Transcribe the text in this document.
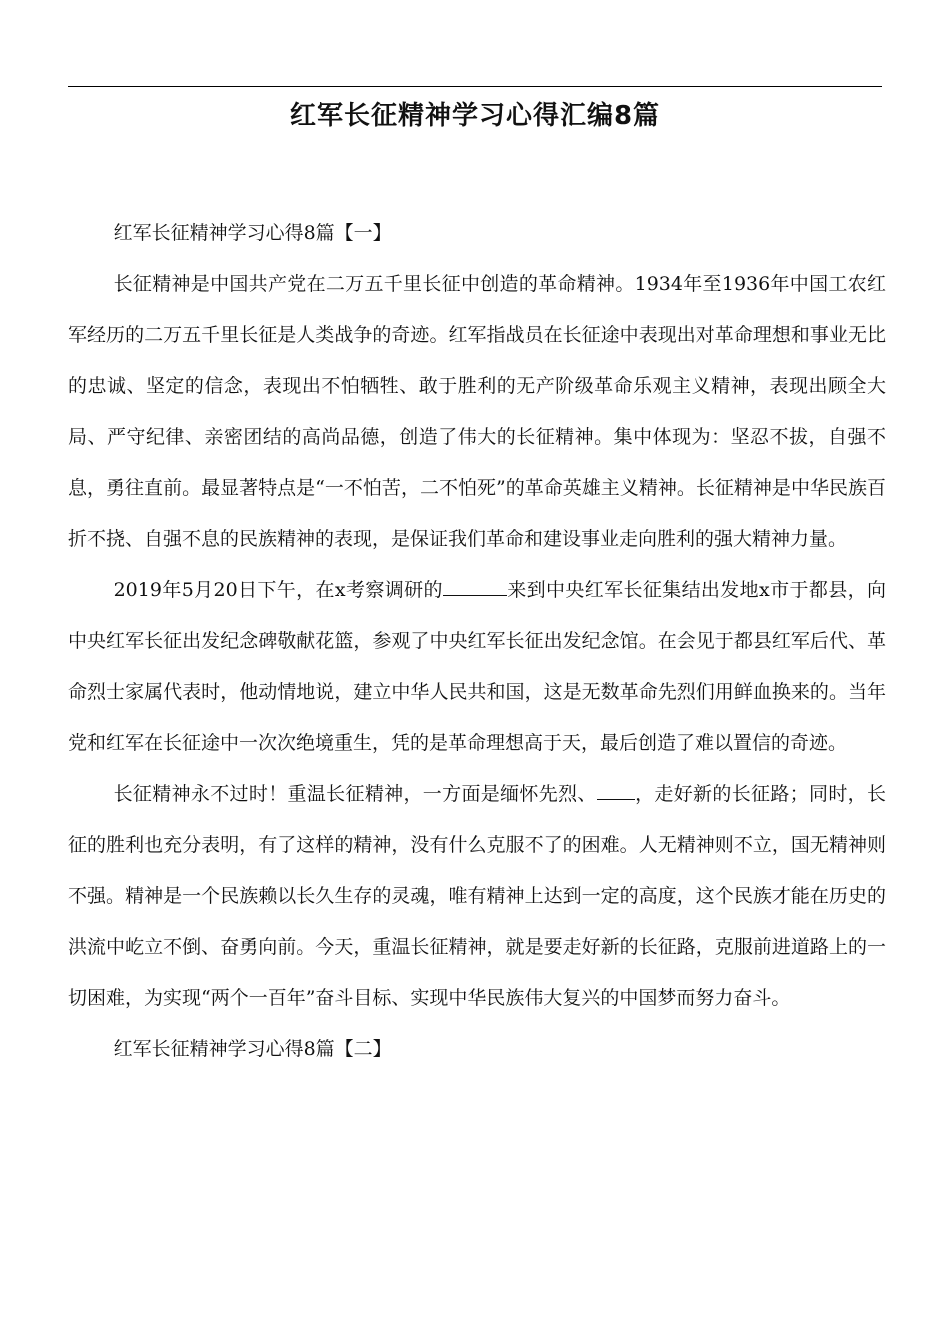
红军长征精神学习心得汇编8篇

红军长征精神学习心得8篇【一】

长征精神是中国共产党在二万五千里长征中创造的革命精神。1934年至1936年中国工农红军经历的二万五千里长征是人类战争的奇迹。红军指战员在长征途中表现出对革命理想和事业无比的忠诚、坚定的信念，表现出不怕牺牲、敢于胜利的无产阶级革命乐观主义精神，表现出顾全大局、严守纪律、亲密团结的高尚品德，创造了伟大的长征精神。集中体现为：坚忍不拔，自强不息，勇往直前。最显著特点是“一不怕苦，二不怕死”的革命英雄主义精神。长征精神是中华民族百折不挠、自强不息的民族精神的表现，是保证我们革命和建设事业走向胜利的强大精神力量。

2019年5月20日下午，在x考察调研的	来到中央红军长征集结出发地x市于都县，向中央红军长征出发纪念碑敬献花篮，参观了中央红军长征出发纪念馆。在会见于都县红军后代、革命烈士家属代表时，他动情地说，建立中华人民共和国，这是无数革命先烈们用鲜血换来的。当年党和红军在长征途中一次次绝境重生，凭的是革命理想高于天，最后创造了难以置信的奇迹。

长征精神永不过时！重温长征精神，一方面是缅怀先烈、 ，走好新的长征路；同时，长征的胜利也充分表明，有了这样的精神，没有什么克服不了的困难。人无精神则不立，国无精神则不强。精神是一个民族赖以长久生存的灵魂，唯有精神上达到一定的高度，这个民族才能在历史的洪流中屹立不倒、奋勇向前。今天，重温长征精神，就是要走好新的长征路，克服前进道路上的一切困难，为实现“两个一百年”奋斗目标、实现中华民族伟大复兴的中国梦而努力奋斗。

红军长征精神学习心得8篇【二】
